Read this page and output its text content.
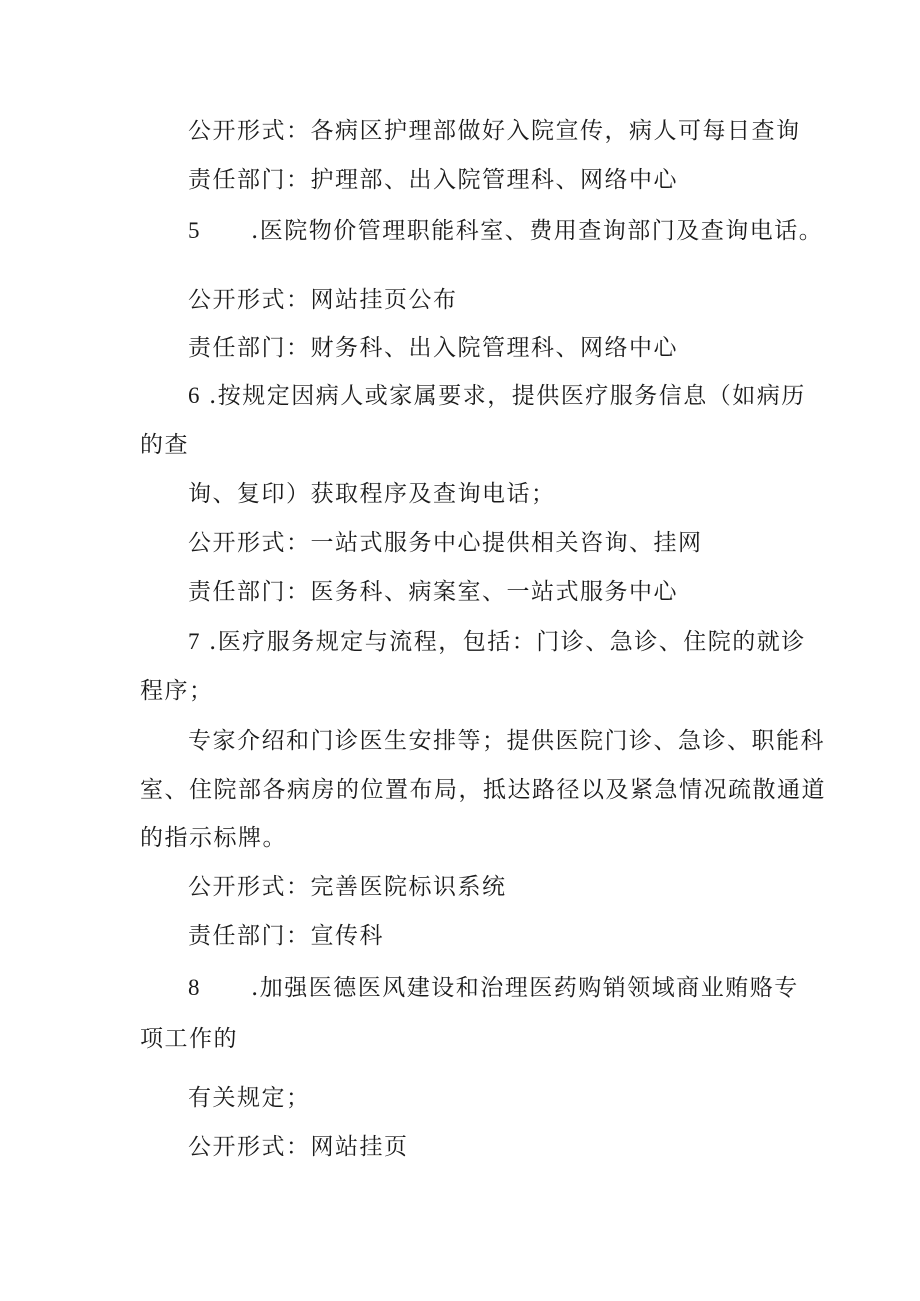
公开形式：各病区护理部做好入院宣传，病人可每日查询
责任部门：护理部、出入院管理科、网络中心
5 .医院物价管理职能科室、费用查询部门及查询电话。
公开形式：网站挂页公布
责任部门：财务科、出入院管理科、网络中心
6 .按规定因病人或家属要求，提供医疗服务信息（如病历
的查
询、复印）获取程序及查询电话；
公开形式：一站式服务中心提供相关咨询、挂网
责任部门：医务科、病案室、一站式服务中心
7 .医疗服务规定与流程，包括：门诊、急诊、住院的就诊
程序；
专家介绍和门诊医生安排等；提供医院门诊、急诊、职能科
室、住院部各病房的位置布局，抵达路径以及紧急情况疏散通道
的指示标牌。
公开形式：完善医院标识系统
责任部门：宣传科
8 .加强医德医风建设和治理医药购销领域商业贿赂专
项工作的
有关规定；
公开形式：网站挂页
